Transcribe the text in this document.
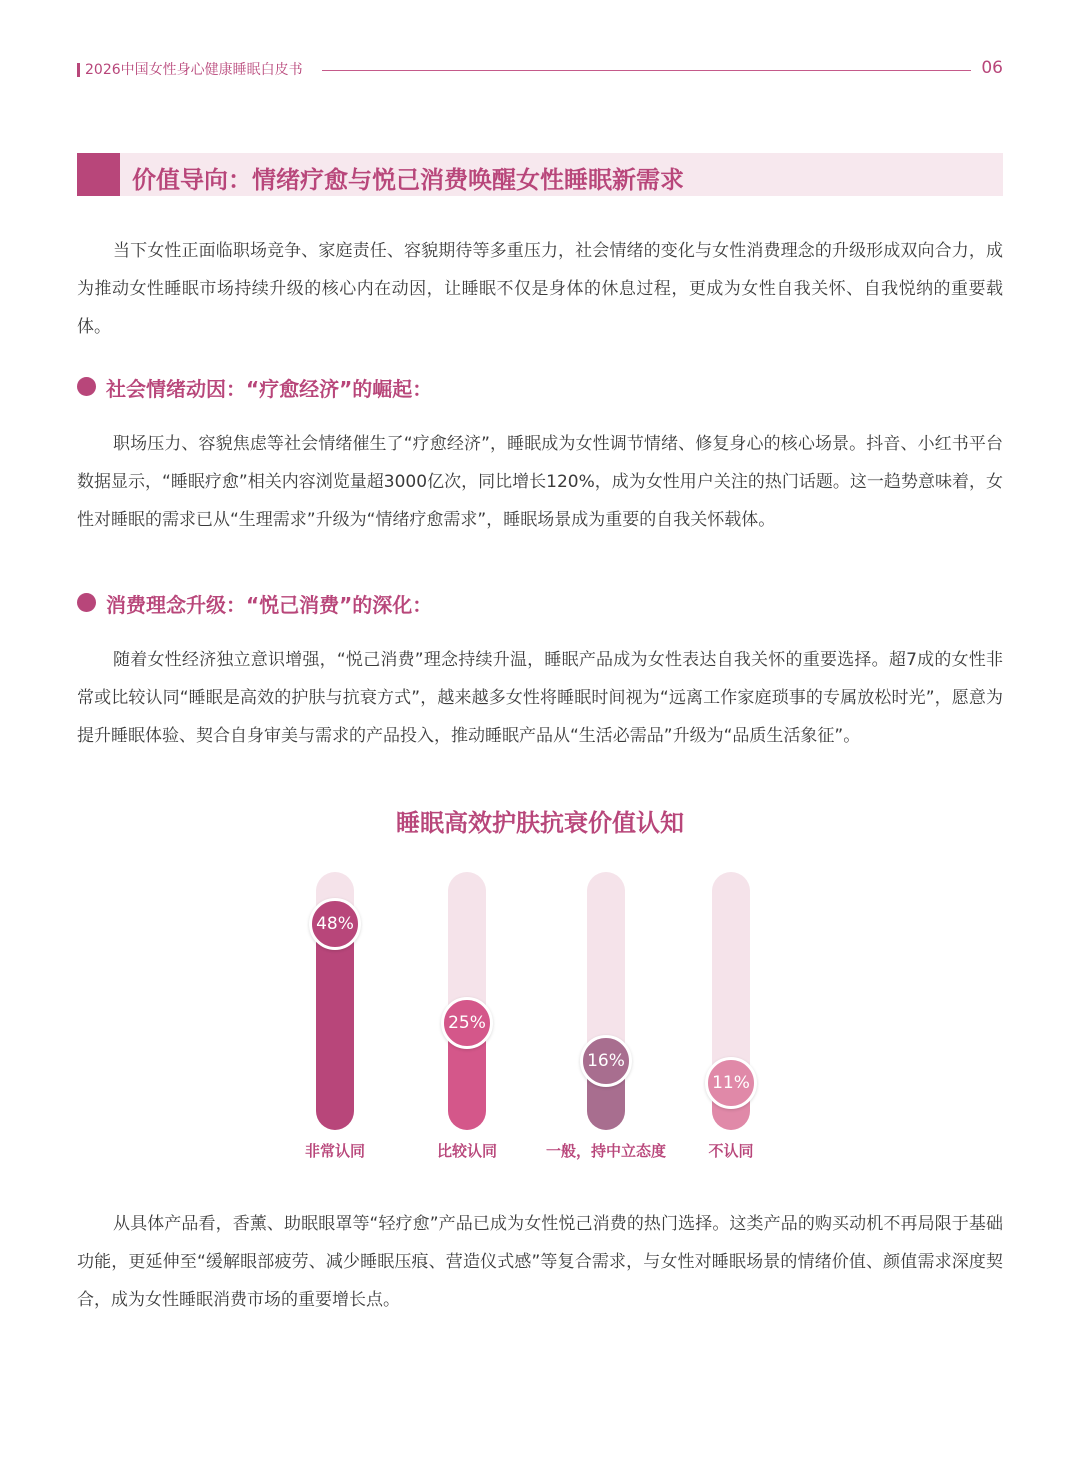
2026中国女性身心健康睡眠白皮书	06
价值导向：情绪疗愈与悦己消费唤醒女性睡眠新需求
当下女性正面临职场竞争、家庭责任、容貌期待等多重压力，社会情绪的变化与女性消费理念的升级形成双向合力，成为推动女性睡眠市场持续升级的核心内在动因，让睡眠不仅是身体的休息过程，更成为女性自我关怀、自我悦纳的重要载体。
社会情绪动因：“疗愈经济”的崛起：
职场压力、容貌焦虑等社会情绪催生了“疗愈经济”，睡眠成为女性调节情绪、修复身心的核心场景。抖音、小红书平台数据显示，“睡眠疗愈”相关内容浏览量超3000亿次，同比增长120%，成为女性用户关注的热门话题。这一趋势意味着，女性对睡眠的需求已从“生理需求”升级为“情绪疗愈需求”，睡眠场景成为重要的自我关怀载体。
消费理念升级：“悦己消费”的深化：
随着女性经济独立意识增强，“悦己消费”理念持续升温，睡眠产品成为女性表达自我关怀的重要选择。超7成的女性非常或比较认同“睡眠是高效的护肤与抗衰方式”，越来越多女性将睡眠时间视为“远离工作家庭琐事的专属放松时光”，愿意为提升睡眠体验、契合自身审美与需求的产品投入，推动睡眠产品从“生活必需品”升级为“品质生活象征”。
睡眠高效护肤抗衰价值认知
48%
非常认同
25%
比较认同
16%
一般，持中立态度
11%
不认同
从具体产品看，香薰、助眠眼罩等“轻疗愈”产品已成为女性悦己消费的热门选择。这类产品的购买动机不再局限于基础功能，更延伸至“缓解眼部疲劳、减少睡眠压痕、营造仪式感”等复合需求，与女性对睡眠场景的情绪价值、颜值需求深度契合，成为女性睡眠消费市场的重要增长点。
